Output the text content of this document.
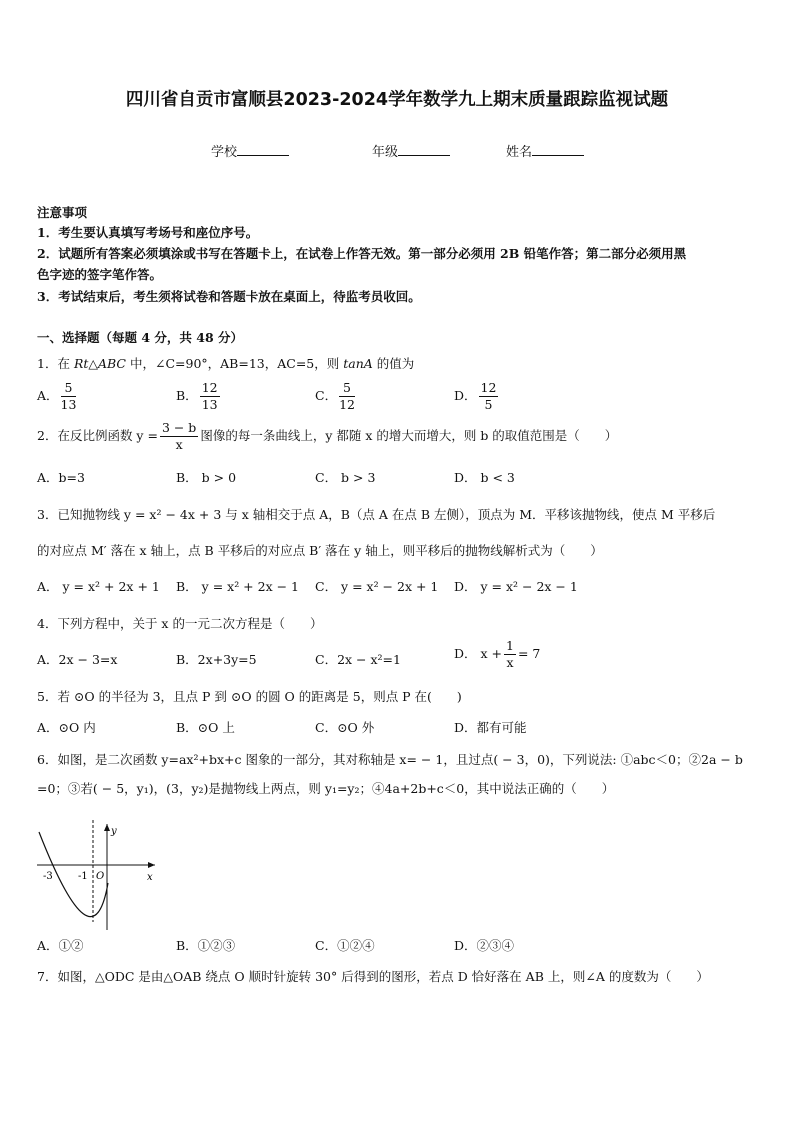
四川省自贡市富顺县2023-2024学年数学九上期末质量跟踪监视试题
学校	年级	姓名
注意事项
1．考生要认真填写考场号和座位序号。
2．试题所有答案必须填涂或书写在答题卡上，在试卷上作答无效。第一部分必须用 2B 铅笔作答；第二部分必须用黑
色字迹的签字笔作答。
3．考试结束后，考生须将试卷和答题卡放在桌面上，待监考员收回。
一、选择题（每题 4 分，共 48 分）
1．在 Rt△ABC 中，∠C=90°，AB=13，AC=5，则 tanA 的值为
A． $\frac{5}{13}$	B． $\frac{12}{13}$	C． $\frac{5}{12}$	D． $\frac{12}{5}$
2．在反比例函数 $y = \frac{3 - b}{x}$ 图像的每一条曲线上，y 都随 x 的增大而增大，则 b 的取值范围是（　　）
A．b=3	B． b > 0	C． b > 3	D． b < 3
3．已知抛物线 y = x² − 4x + 3 与 x 轴相交于点 A，B（点 A 在点 B 左侧），顶点为 M．平移该抛物线，使点 M 平移后
的对应点 M′ 落在 x 轴上，点 B 平移后的对应点 B′ 落在 y 轴上，则平移后的抛物线解析式为（　　）
A． y = x² + 2x + 1 B． y = x² + 2x − 1 C． y = x² − 2x + 1 D． y = x² − 2x − 1
4．下列方程中，关于 x 的一元二次方程是（　　）
A．2x − 3=x	B．2x+3y=5	C．2x − x²=1	D． $x + \frac{1}{x} = 7$
5．若 ⊙O 的半径为 3，且点 P 到 ⊙O 的圆 O 的距离是 5，则点 P 在(　　)
A．⊙O 内	B．⊙O 上	C．⊙O 外	D．都有可能
6．如图，是二次函数 y=ax²+bx+c 图象的一部分，其对称轴是 x= − 1，且过点( − 3，0)，下列说法: ①abc＜0；②2a − b
=0；③若( − 5，y₁)，(3，y₂)是抛物线上两点，则 y₁=y₂；④4a+2b+c＜0，其中说法正确的（　　）
y
x
O
-3	-1
A．①②	B．①②③	C．①②④	D．②③④
7．如图，△ODC 是由△OAB 绕点 O 顺时针旋转 30° 后得到的图形，若点 D 恰好落在 AB 上，则∠A 的度数为（　　）
